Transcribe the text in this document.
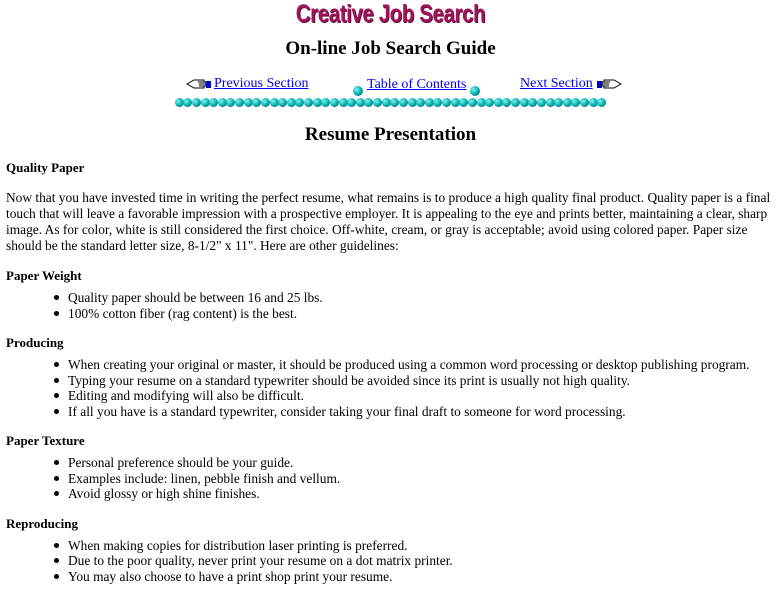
Creative Job Search
On-line Job Search Guide
Previous Section	Table of Contents	Next Section
Resume Presentation
Quality Paper

Now that you have invested time in writing the perfect resume, what remains is to produce a high quality final product. Quality paper is a final touch that will leave a favorable impression with a prospective employer. It is appealing to the eye and prints better, maintaining a clear, sharp image. As for color, white is still considered the first choice. Off-white, cream, or gray is acceptable; avoid using colored paper. Paper size should be the standard letter size, 8-1/2" x 11". Here are other guidelines:

Paper Weight
Quality paper should be between 16 and 25 lbs.
100% cotton fiber (rag content) is the best.
Producing
When creating your original or master, it should be produced using a common word processing or desktop publishing program.
Typing your resume on a standard typewriter should be avoided since its print is usually not high quality.
Editing and modifying will also be difficult.
If all you have is a standard typewriter, consider taking your final draft to someone for word processing.
Paper Texture
Personal preference should be your guide.
Examples include: linen, pebble finish and vellum.
Avoid glossy or high shine finishes.
Reproducing
When making copies for distribution laser printing is preferred.
Due to the poor quality, never print your resume on a dot matrix printer.
You may also choose to have a print shop print your resume.
